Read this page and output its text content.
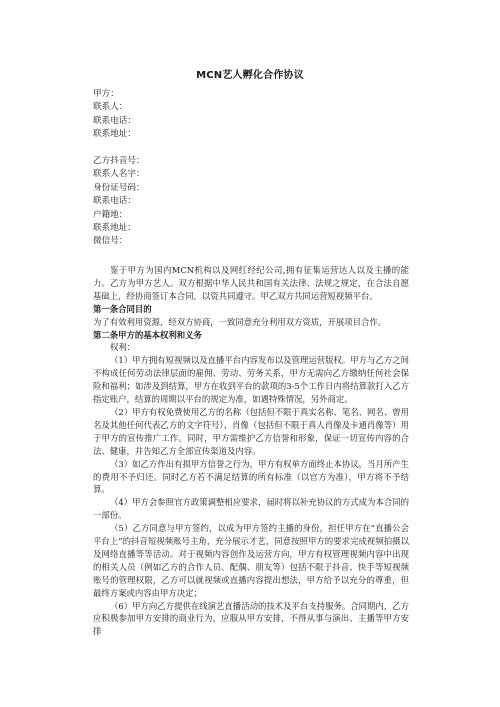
MCN艺人孵化合作协议
甲方：
联系人：
联系电话：
联系地址：
乙方抖音号：
联系人名字：
身份证号码：
联系电话：
户籍地：
联系地址：
微信号：

鉴于甲方为国内MCN机构以及网红经纪公司,拥有征集运营达人以及主播的能力。乙方为甲方艺人。双方根据中华人民共和国有关法律、法规之规定，在合法自愿基础上，经协商签订本合同，以资共同遵守。甲乙双方共同运营短视频平台。

第一条合同目的

为了有效利用资源，经双方协商，一致同意充分利用双方资质，开展项目合作。

第二条甲方的基本权利和义务

权利：

（1）甲方拥有短视频以及直播平台内容发布以及管理运营版权。甲方与乙方之间不构成任何劳动法律层面的雇佣、劳动、劳务关系，甲方无需向乙方缴纳任何社会保险和福利；如涉及到结算，甲方在收到平台的款项的3-5个工作日内将结算款打入乙方指定账户，结算的周期以平台的规定为准，如遇特殊情况，另外商定。

（2）甲方有权免费使用乙方的名称（包括但不限于真实名称、笔名、网名、曾用名及其他任何代表乙方的文字符号）、肖像（包括但不限于真人肖像及卡通肖像等）用于甲方的宣传推广工作。同时，甲方需维护乙方信誉和形象，保证一切宣传内容的合法、健康，并告知乙方全部宣传渠道及内容。

（3）如乙方作出有损甲方信誉之行为，甲方有权单方面终止本协议，当月所产生的费用不予归还。同时乙方若不满足结算的所有标准（以官方为准），甲方将不予结算。

（4）甲方会参照官方政策调整相应要求，届时将以补充协议的方式成为本合同的一部份。

（5）乙方同意与甲方签约，以成为甲方签约主播的身份，担任甲方在“直播公会平台上”的抖音短视频账号主角，充分展示才艺，同意按照甲方的要求完成视频拍摄以及网络直播等等活动。对于视频内容创作及运营方向，甲方有权管理视频内容中出现的相关人员（例如乙方的合作人员、配偶、朋友等）包括不限于抖音、快手等短视频账号的管理权限，乙方可以就视频或直播内容提出想法，甲方给予以充分的尊重，但最终方案或内容由甲方决定；

（6）甲方向乙方提供在线演艺直播活动的技术及平台支持服务。合同期内，乙方应积极参加甲方安排的商业行为，应服从甲方安排，不得从事与演出、主播等甲方安排
